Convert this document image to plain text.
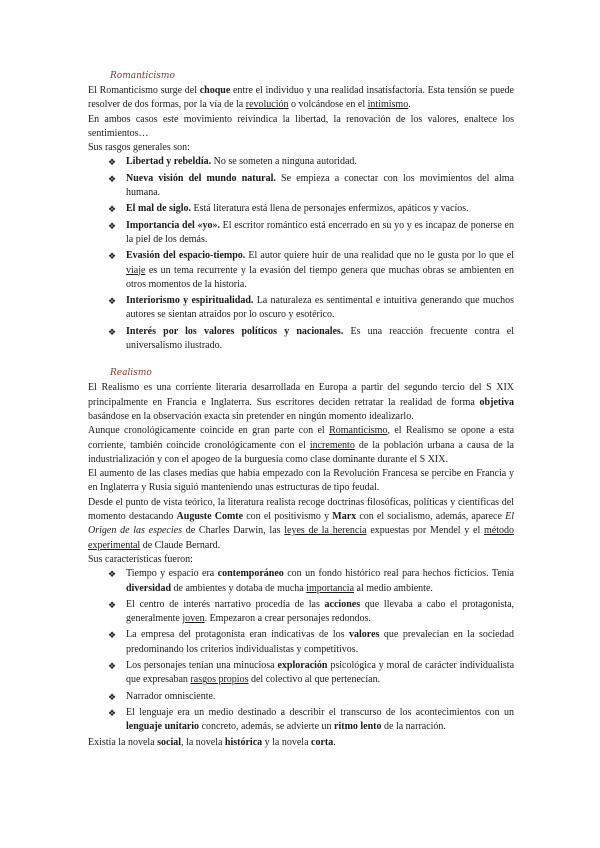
Romanticismo

El Romanticismo surge del choque entre el individuo y una realidad insatisfactoria. Esta tensión se puede resolver de dos formas, por la vía de la revolución o volcándose en el intimismo.

En ambos casos este movimiento reivindica la libertad, la renovación de los valores, enaltece los sentimientos…

Sus rasgos generales son:

❖ Libertad y rebeldía. No se someten a ninguna autoridad.
❖ Nueva visión del mundo natural. Se empieza a conectar con los movimientos del alma humana.
❖ El mal de siglo. Está literatura está llena de personajes enfermizos, apáticos y vacíos.
❖ Importancia del «yo». El escritor romántico está encerrado en su yo y es incapaz de ponerse en la piel de los demás.
❖ Evasión del espacio-tiempo. El autor quiere huir de una realidad que no le gusta por lo que el viaje es un tema recurrente y la evasión del tiempo genera que muchas obras se ambienten en otros momentos de la historia.
❖ Interiorismo y espiritualidad. La naturaleza es sentimental e intuitiva generando que muchos autores se sientan atraídos por lo oscuro y esotérico.
❖ Interés por los valores políticos y nacionales. Es una reacción frecuente contra el universalismo ilustrado.
Realismo

El Realismo es una corriente literaria desarrollada en Europa a partir del segundo tercio del S XIX principalmente en Francia e Inglaterra. Sus escritores deciden retratar la realidad de forma objetiva basándose en la observación exacta sin pretender en ningún momento idealizarlo.

Aunque cronológicamente coincide en gran parte con el Romanticismo, el Realismo se opone a esta corriente, también coincide cronológicamente con el incremento de la población urbana a causa de la industrialización y con el apogeo de la burguesía como clase dominante durante el S XIX.

El aumento de las clases medias que había empezado con la Revolución Francesa se percibe en Francia y en Inglaterra y Rusia siguió manteniendo unas estructuras de tipo feudal.

Desde el punto de vista teórico, la literatura realista recoge doctrinas filosóficas, políticas y científicas del momento destacando Auguste Comte con el positivismo y Marx con el socialismo, además, aparece El Origen de las especies de Charles Darwin, las leyes de la herencia expuestas por Mendel y el método experimental de Claude Bernard.

Sus características fueron:

❖ Tiempo y espacio era contemporáneo con un fondo histórico real para hechos ficticios. Tenía diversidad de ambientes y dotaba de mucha importancia al medio ambiente.
❖ El centro de interés narrativo procedía de las acciones que llevaba a cabo el protagonista, generalmente joven. Empezaron a crear personajes redondos.
❖ La empresa del protagonista eran indicativas de los valores que prevalecían en la sociedad predominando los criterios individualistas y competitivos.
❖ Los personajes tenían una minuciosa exploración psicológica y moral de carácter individualista que expresaban rasgos propios del colectivo al que pertenecían.
❖ Narrador omnisciente.
❖ El lenguaje era un medio destinado a describir el transcurso de los acontecimientos con un lenguaje unitario concreto, además, se advierte un ritmo lento de la narración.

Existía la novela social, la novela histórica y la novela corta.
